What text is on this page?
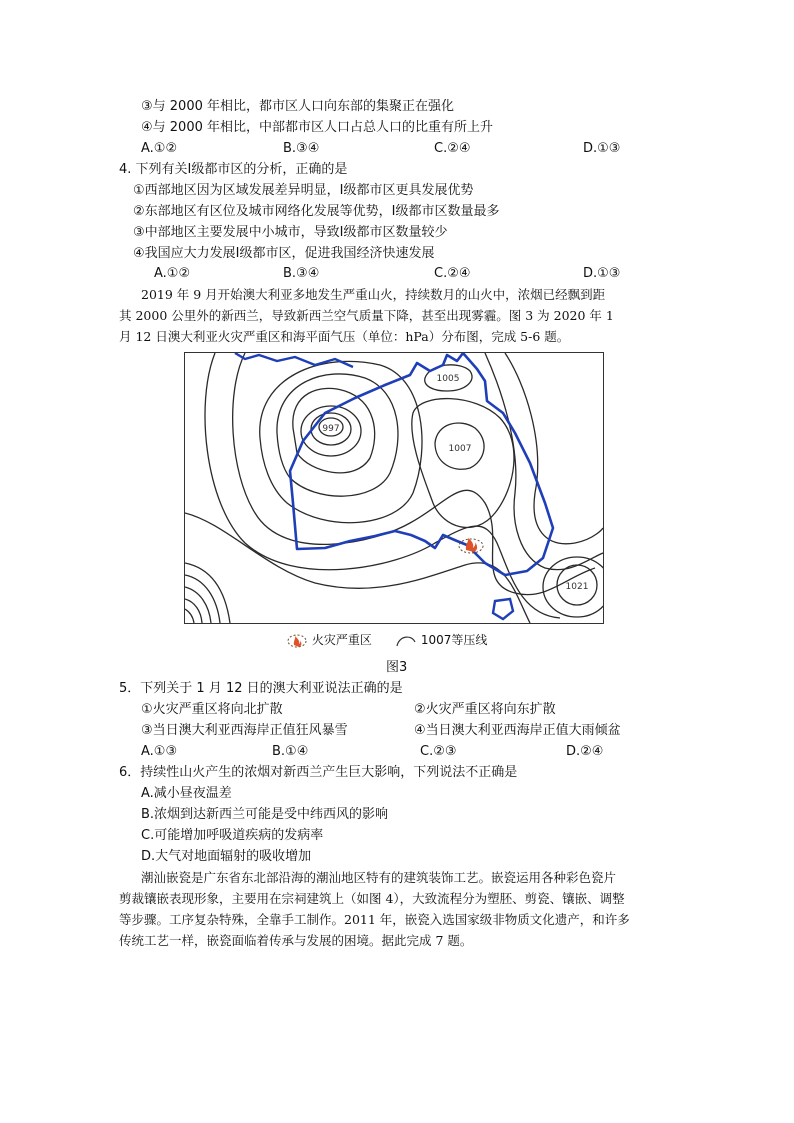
③与 2000 年相比，都市区人口向东部的集聚正在强化
④与 2000 年相比，中部都市区人口占总人口的比重有所上升
A.①②	B.③④	C.②④	D.①③
4. 下列有关Ⅰ级都市区的分析，正确的是
①西部地区因为区域发展差异明显，Ⅰ级都市区更具发展优势
②东部地区有区位及城市网络化发展等优势，Ⅰ级都市区数量最多
③中部地区主要发展中小城市，导致Ⅰ级都市区数量较少
④我国应大力发展Ⅰ级都市区，促进我国经济快速发展
A.①②	B.③④	C.②④	D.①③
2019 年 9 月开始澳大利亚多地发生严重山火，持续数月的山火中，浓烟已经飘到距
其 2000 公里外的新西兰，导致新西兰空气质量下降，甚至出现雾霾。图 3 为 2020 年 1
月 12 日澳大利亚火灾严重区和海平面气压（单位：hPa）分布图，完成 5-6 题。
1005
997
1007
1021
火灾严重区	1007等压线
图3
5．下列关于 1 月 12 日的澳大利亚说法正确的是
①火灾严重区将向北扩散	②火灾严重区将向东扩散
③当日澳大利亚西海岸正值狂风暴雪	④当日澳大利亚西海岸正值大雨倾盆
A.①③	B.①④	C.②③	D.②④
6．持续性山火产生的浓烟对新西兰产生巨大影响，下列说法不正确是
A.减小昼夜温差
B.浓烟到达新西兰可能是受中纬西风的影响
C.可能增加呼吸道疾病的发病率
D.大气对地面辐射的吸收增加
潮汕嵌瓷是广东省东北部沿海的潮汕地区特有的建筑装饰工艺。嵌瓷运用各种彩色瓷片
剪裁镶嵌表现形象，主要用在宗祠建筑上（如图 4），大致流程分为塑胚、剪瓷、镶嵌、调整
等步骤。工序复杂特殊，全靠手工制作。2011 年，嵌瓷入选国家级非物质文化遗产，和许多
传统工艺一样，嵌瓷面临着传承与发展的困境。据此完成 7 题。
